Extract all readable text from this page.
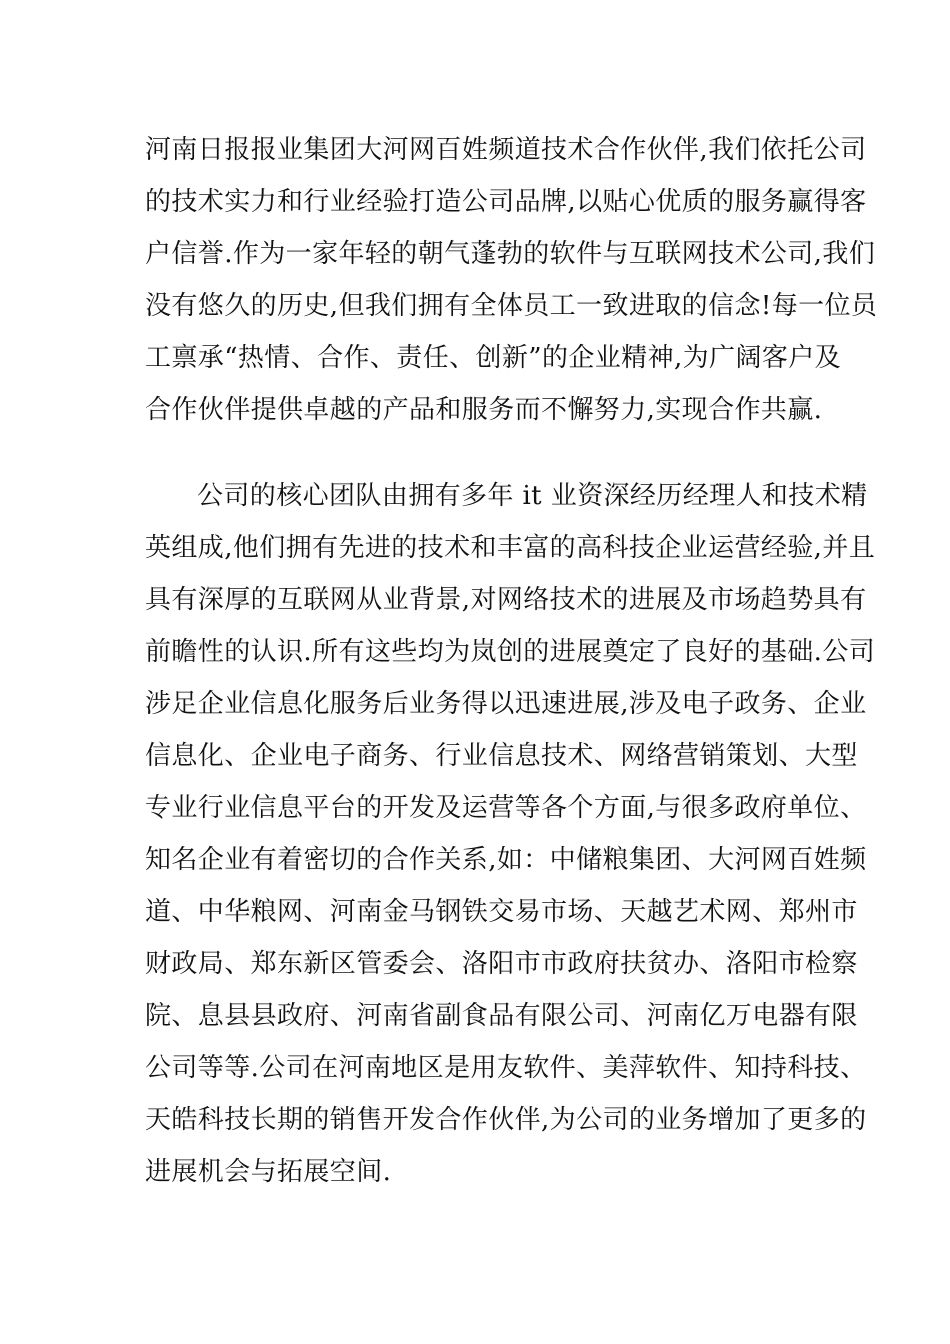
河南日报报业集团大河网百姓频道技术合作伙伴,我们依托公司
的技术实力和行业经验打造公司品牌,以贴心优质的服务赢得客
户信誉.作为一家年轻的朝气蓬勃的软件与互联网技术公司,我们
没有悠久的历史,但我们拥有全体员工一致进取的信念!每一位员
工禀承“热情、合作、责任、创新”的企业精神,为广阔客户及
合作伙伴提供卓越的产品和服务而不懈努力,实现合作共赢.
公司的核心团队由拥有多年 it 业资深经历经理人和技术精
英组成,他们拥有先进的技术和丰富的高科技企业运营经验,并且
具有深厚的互联网从业背景,对网络技术的进展及市场趋势具有
前瞻性的认识.所有这些均为岚创的进展奠定了良好的基础.公司
涉足企业信息化服务后业务得以迅速进展,涉及电子政务、企业
信息化、企业电子商务、行业信息技术、网络营销策划、大型
专业行业信息平台的开发及运营等各个方面,与很多政府单位、
知名企业有着密切的合作关系,如：中储粮集团、大河网百姓频
道、中华粮网、河南金马钢铁交易市场、天越艺术网、郑州市
财政局、郑东新区管委会、洛阳市市政府扶贫办、洛阳市检察
院、息县县政府、河南省副食品有限公司、河南亿万电器有限
公司等等.公司在河南地区是用友软件、美萍软件、知持科技、
天皓科技长期的销售开发合作伙伴,为公司的业务增加了更多的
进展机会与拓展空间.
